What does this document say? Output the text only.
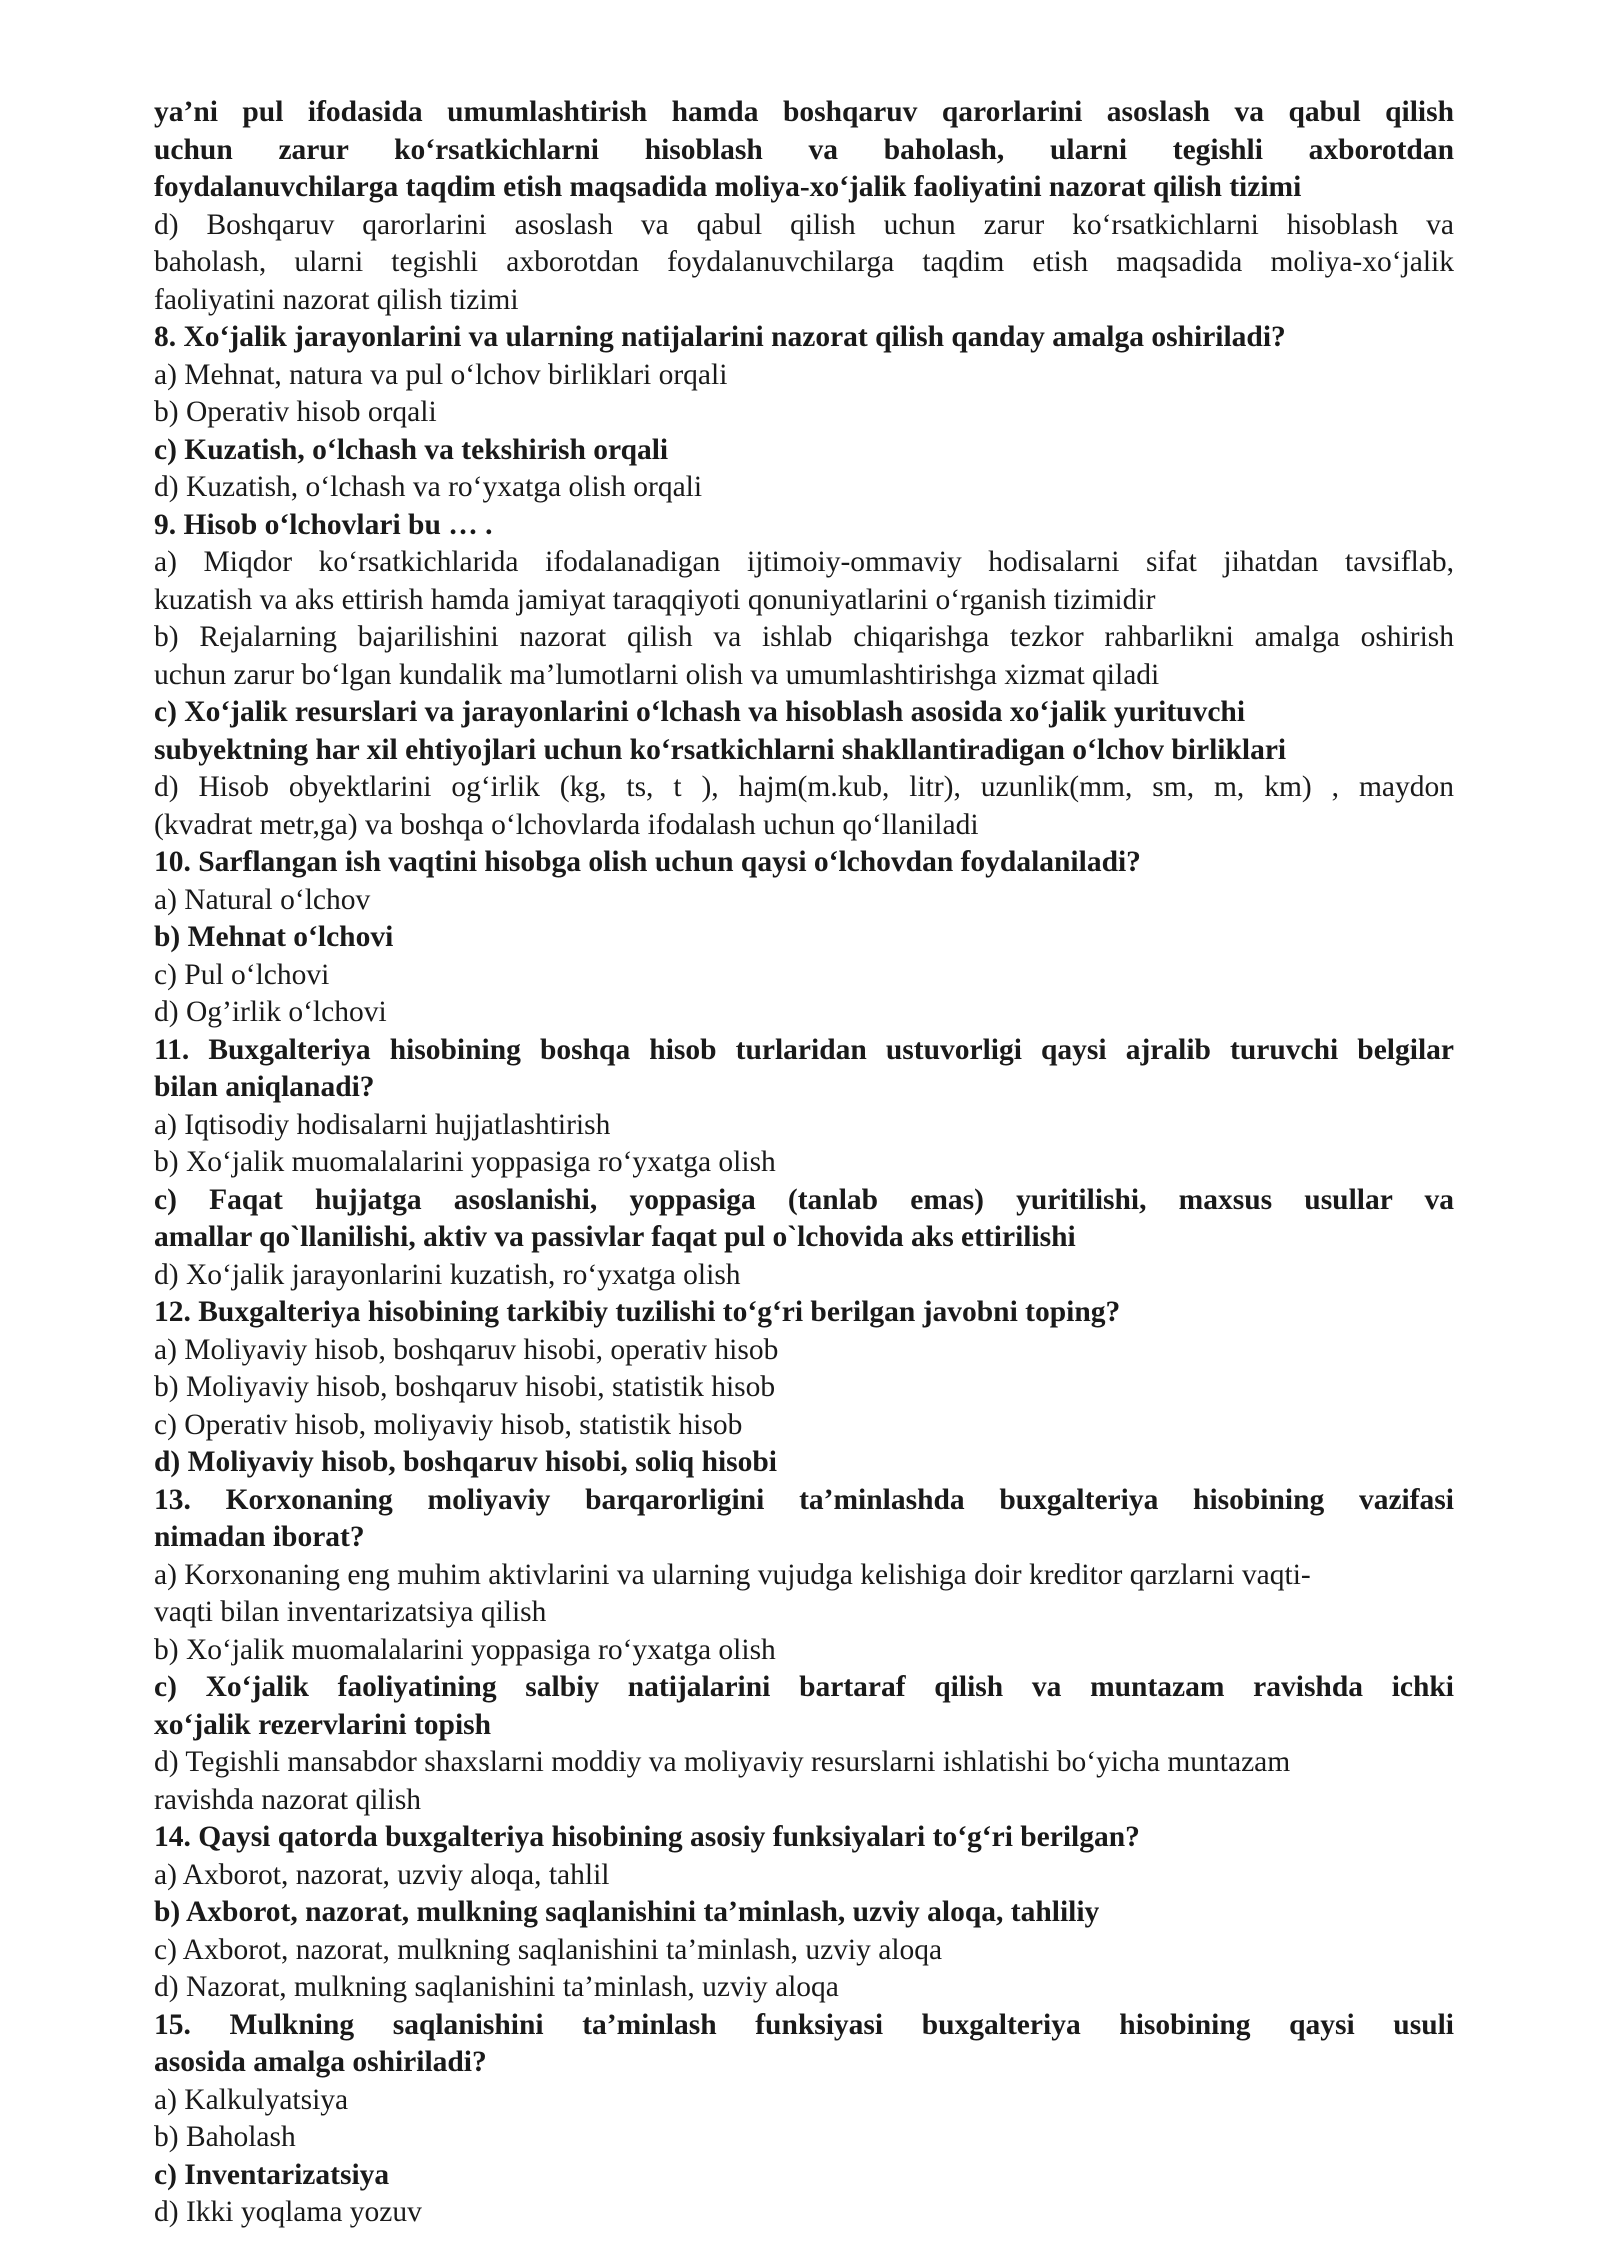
ya’ni pul ifodasida umumlashtirish hamda boshqaruv qarorlarini asoslash va qabul qilish
uchun zarur ko‘rsatkichlarni hisoblash va baholash, ularni tegishli axborotdan
foydalanuvchilarga taqdim etish maqsadida moliya-xo‘jalik faoliyatini nazorat qilish tizimi
d) Boshqaruv qarorlarini asoslash va qabul qilish uchun zarur ko‘rsatkichlarni hisoblash va
baholash, ularni tegishli axborotdan foydalanuvchilarga taqdim etish maqsadida moliya-xo‘jalik
faoliyatini nazorat qilish tizimi
8. Xo‘jalik jarayonlarini va ularning natijalarini nazorat qilish qanday amalga oshiriladi?
a) Mehnat, natura va pul o‘lchov birliklari orqali
b) Operativ hisob orqali
c) Kuzatish, o‘lchash va tekshirish orqali
d) Kuzatish, o‘lchash va ro‘yxatga olish orqali
9. Hisob o‘lchovlari bu … .
a) Miqdor ko‘rsatkichlarida ifodalanadigan ijtimoiy-ommaviy hodisalarni sifat jihatdan tavsiflab,
kuzatish va aks ettirish hamda jamiyat taraqqiyoti qonuniyatlarini o‘rganish tizimidir
b) Rejalarning bajarilishini nazorat qilish va ishlab chiqarishga tezkor rahbarlikni amalga oshirish
uchun zarur bo‘lgan kundalik ma’lumotlarni olish va umumlashtirishga xizmat qiladi
c) Xo‘jalik resurslari va jarayonlarini o‘lchash va hisoblash asosida xo‘jalik yurituvchi
subyektning har xil ehtiyojlari uchun ko‘rsatkichlarni shakllantiradigan o‘lchov birliklari
d) Hisob obyektlarini og‘irlik (kg, ts, t ), hajm(m.kub, litr), uzunlik(mm, sm, m, km) , maydon
(kvadrat metr,ga) va boshqa o‘lchovlarda ifodalash uchun qo‘llaniladi
10. Sarflangan ish vaqtini hisobga olish uchun qaysi o‘lchovdan foydalaniladi?
a) Natural o‘lchov
b) Mehnat o‘lchovi
c) Pul o‘lchovi
d) Og’irlik o‘lchovi
11. Buxgalteriya hisobining boshqa hisob turlaridan ustuvorligi qaysi ajralib turuvchi belgilar
bilan aniqlanadi?
a) Iqtisodiy hodisalarni hujjatlashtirish
b) Xo‘jalik muomalalarini yoppasiga ro‘yxatga olish
c) Faqat hujjatga asoslanishi, yoppasiga (tanlab emas) yuritilishi, maxsus usullar va
amallar qo`llanilishi, aktiv va passivlar faqat pul o`lchovida aks ettirilishi
d) Xo‘jalik jarayonlarini kuzatish, ro‘yxatga olish
12. Buxgalteriya hisobining tarkibiy tuzilishi to‘g‘ri berilgan javobni toping?
a) Moliyaviy hisob, boshqaruv hisobi, operativ hisob
b) Moliyaviy hisob, boshqaruv hisobi, statistik hisob
c) Operativ hisob, moliyaviy hisob, statistik hisob
d) Moliyaviy hisob, boshqaruv hisobi, soliq hisobi
13. Korxonaning moliyaviy barqarorligini ta’minlashda buxgalteriya hisobining vazifasi
nimadan iborat?
a) Korxonaning eng muhim aktivlarini va ularning vujudga kelishiga doir kreditor qarzlarni vaqti-
vaqti bilan inventarizatsiya qilish
b) Xo‘jalik muomalalarini yoppasiga ro‘yxatga olish
c) Xo‘jalik faoliyatining salbiy natijalarini bartaraf qilish va muntazam ravishda ichki
xo‘jalik rezervlarini topish
d) Tegishli mansabdor shaxslarni moddiy va moliyaviy resurslarni ishlatishi bo‘yicha muntazam
ravishda nazorat qilish
14. Qaysi qatorda buxgalteriya hisobining asosiy funksiyalari to‘g‘ri berilgan?
a) Axborot, nazorat, uzviy aloqa, tahlil
b) Axborot, nazorat, mulkning saqlanishini ta’minlash, uzviy aloqa, tahliliy
c) Axborot, nazorat, mulkning saqlanishini ta’minlash, uzviy aloqa
d) Nazorat, mulkning saqlanishini ta’minlash, uzviy aloqa
15. Mulkning saqlanishini ta’minlash funksiyasi buxgalteriya hisobining qaysi usuli
asosida amalga oshiriladi?
a) Kalkulyatsiya
b) Baholash
c) Inventarizatsiya
d) Ikki yoqlama yozuv
